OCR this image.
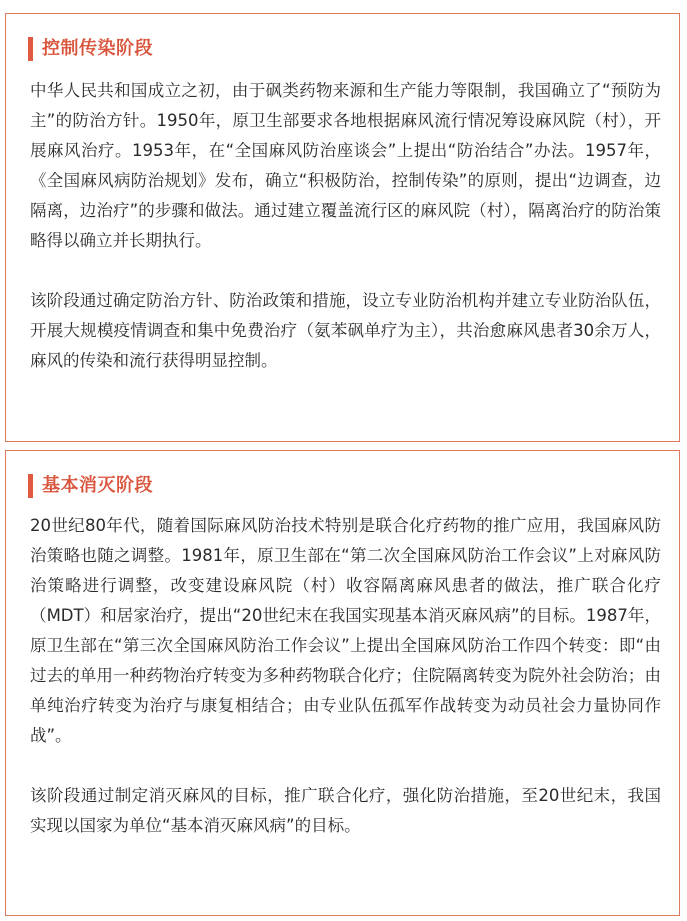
控制传染阶段

中华人民共和国成立之初，由于砜类药物来源和生产能力等限制，我国确立了“预防为主”的防治方针。1950年，原卫生部要求各地根据麻风流行情况筹设麻风院（村），开展麻风治疗。1953年，在“全国麻风防治座谈会”上提出“防治结合”办法。1957年，《全国麻风病防治规划》发布，确立“积极防治，控制传染”的原则，提出“边调查，边隔离，边治疗”的步骤和做法。通过建立覆盖流行区的麻风院（村），隔离治疗的防治策略得以确立并长期执行。

该阶段通过确定防治方针、防治政策和措施，设立专业防治机构并建立专业防治队伍，开展大规模疫情调查和集中免费治疗（氨苯砜单疗为主），共治愈麻风患者30余万人，麻风的传染和流行获得明显控制。

基本消灭阶段

20世纪80年代，随着国际麻风防治技术特别是联合化疗药物的推广应用，我国麻风防治策略也随之调整。1981年，原卫生部在“第二次全国麻风防治工作会议”上对麻风防治策略进行调整，改变建设麻风院（村）收容隔离麻风患者的做法，推广联合化疗（MDT）和居家治疗，提出“20世纪末在我国实现基本消灭麻风病”的目标。1987年，原卫生部在“第三次全国麻风防治工作会议”上提出全国麻风防治工作四个转变：即“由过去的单用一种药物治疗转变为多种药物联合化疗；住院隔离转变为院外社会防治；由单纯治疗转变为治疗与康复相结合；由专业队伍孤军作战转变为动员社会力量协同作战”。

该阶段通过制定消灭麻风的目标，推广联合化疗，强化防治措施，至20世纪末，我国实现以国家为单位“基本消灭麻风病”的目标。
